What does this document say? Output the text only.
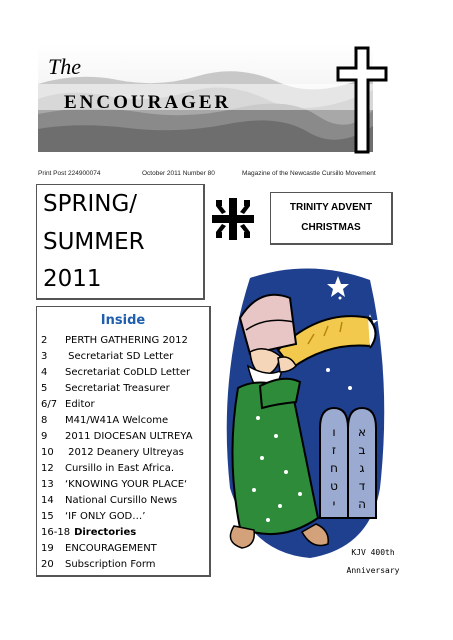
The
ENCOURAGER
Print Post 224900074	October 2011 Number 80	Magazine of the Newcastle Cursillo Movement
SPRING/
SUMMER
2011
TRINITY ADVENT
CHRISTMAS
Inside
2 PERTH GATHERING 2012
3 Secretariat SD Letter
4 Secretariat CoDLD Letter
5 Secretariat Treasurer
6/7 Editor
8 M41/W41A Welcome
9 2011 DIOCESAN ULTREYA
10 2012 Deanery Ultreyas
12 Cursillo in East Africa.
13 ‘KNOWING YOUR PLACE‘
14 National Cursillo News
15 ‘IF ONLY GOD…’
16-18 Directories
19 ENCOURAGEMENT
20 Subscription Form
ו
ז
ח
ט
י
א
ב
ג
ד
ה
KJV 400th
Anniversary
